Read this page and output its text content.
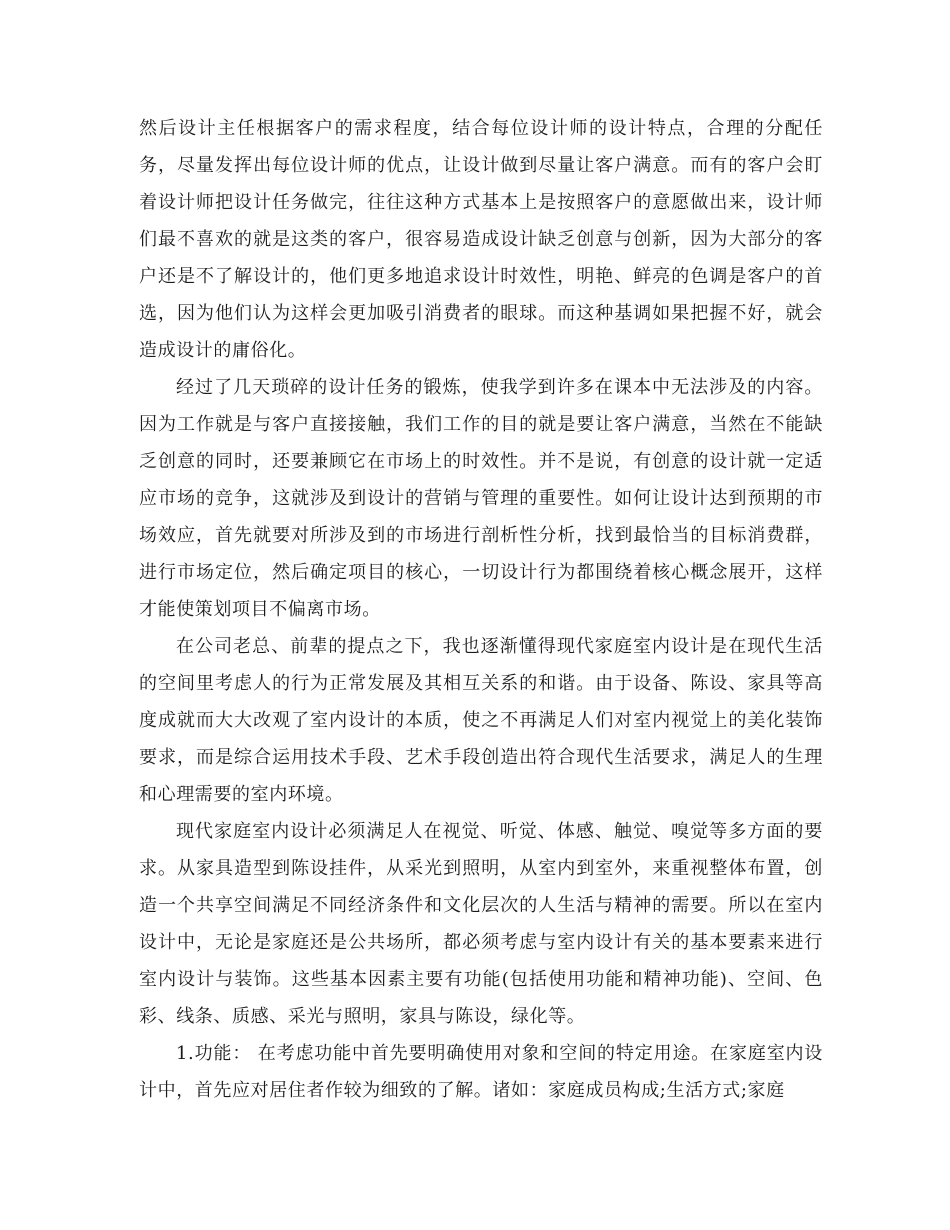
然后设计主任根据客户的需求程度，结合每位设计师的设计特点，合理的分配任务，尽量发挥出每位设计师的优点，让设计做到尽量让客户满意。而有的客户会盯着设计师把设计任务做完，往往这种方式基本上是按照客户的意愿做出来，设计师们最不喜欢的就是这类的客户，很容易造成设计缺乏创意与创新，因为大部分的客户还是不了解设计的，他们更多地追求设计时效性，明艳、鲜亮的色调是客户的首选，因为他们认为这样会更加吸引消费者的眼球。而这种基调如果把握不好，就会造成设计的庸俗化。

经过了几天琐碎的设计任务的锻炼，使我学到许多在课本中无法涉及的内容。因为工作就是与客户直接接触，我们工作的目的就是要让客户满意，当然在不能缺乏创意的同时，还要兼顾它在市场上的时效性。并不是说，有创意的设计就一定适应市场的竞争，这就涉及到设计的营销与管理的重要性。如何让设计达到预期的市场效应，首先就要对所涉及到的市场进行剖析性分析，找到最恰当的目标消费群，进行市场定位，然后确定项目的核心，一切设计行为都围绕着核心概念展开，这样才能使策划项目不偏离市场。

在公司老总、前辈的提点之下，我也逐渐懂得现代家庭室内设计是在现代生活的空间里考虑人的行为正常发展及其相互关系的和谐。由于设备、陈设、家具等高度成就而大大改观了室内设计的本质，使之不再满足人们对室内视觉上的美化装饰要求，而是综合运用技术手段、艺术手段创造出符合现代生活要求，满足人的生理和心理需要的室内环境。

现代家庭室内设计必须满足人在视觉、听觉、体感、触觉、嗅觉等多方面的要求。从家具造型到陈设挂件，从采光到照明，从室内到室外，来重视整体布置，创造一个共享空间满足不同经济条件和文化层次的人生活与精神的需要。所以在室内设计中，无论是家庭还是公共场所，都必须考虑与室内设计有关的基本要素来进行室内设计与装饰。这些基本因素主要有功能(包括使用功能和精神功能)、空间、色彩、线条、质感、采光与照明，家具与陈设，绿化等。

1.功能： 在考虑功能中首先要明确使用对象和空间的特定用途。在家庭室内设计中，首先应对居住者作较为细致的了解。诸如：家庭成员构成;生活方式;家庭
